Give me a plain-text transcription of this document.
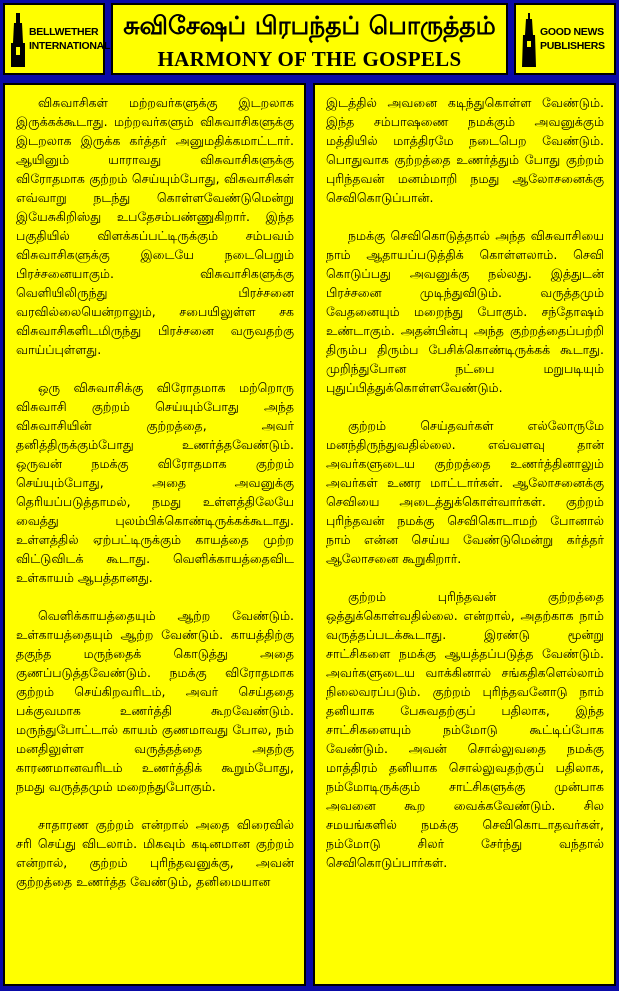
BELLWETHER
INTERNATIONAL
சுவிசேஷப் பிரபந்தப் பொருத்தம்
HARMONY OF THE GOSPELS
GOOD NEWS
PUBLISHERS

விசுவாசிகள் மற்றவர்களுக்கு இடறலாக இருக்கக்கூடாது. மற்றவர்களும் விசுவாசிகளுக்கு இடறலாக இருக்க கர்த்தர் அனுமதிக்கமாட்டார். ஆயினும் யாராவது விசுவாசிகளுக்கு விரோதமாக குற்றம் செய்யும்போது, விசுவாசிகள் எவ்வாறு நடந்து கொள்ளவேண்டுமென்று இயேசுகிறிஸ்து உபதேசம்பண்ணுகிறார். இந்த பகுதியில் விளக்கப்பட்டிருக்கும் சம்பவம் விசுவாசிகளுக்கு இடையே நடைபெறும் பிரச்சனையாகும். விசுவாசிகளுக்கு வெளியிலிருந்து பிரச்சனை வரவில்லையென்றாலும், சபையிலுள்ள சக விசுவாசிகளிடமிருந்து பிரச்சனை வருவதற்கு வாய்ப்புள்ளது.

ஒரு விசுவாசிக்கு விரோதமாக மற்றொரு விசுவாசி குற்றம் செய்யும்போது அந்த விசுவாசியின் குற்றத்தை, அவர் தனித்திருக்கும்போது உணர்த்தவேண்டும். ஒருவன் நமக்கு விரோதமாக குற்றம் செய்யும்போது, அதை அவனுக்கு தெரியப்படுத்தாமல், நமது உள்ளத்திலேயே வைத்து புலம்பிக்கொண்டிருக்கக்கூடாது. உள்ளத்தில் ஏற்பட்டிருக்கும் காயத்தை முற்ற விட்டுவிடக் கூடாது. வெளிக்காயத்தைவிட உள்காயம் ஆபத்தானது.

வெளிக்காயத்தையும் ஆற்ற வேண்டும். உள்காயத்தையும் ஆற்ற வேண்டும். காயத்திற்கு தகுந்த மருந்தைக் கொடுத்து அதை குணப்படுத்தவேண்டும். நமக்கு விரோதமாக குற்றம் செய்கிறவரிடம், அவர் செய்ததை பக்குவமாக உணர்த்தி கூறவேண்டும். மருந்துபோட்டால் காயம் குணமாவது போல, நம் மனதிலுள்ள வருத்தத்தை அதற்கு காரணமானவரிடம் உணர்த்திக் கூறும்போது, நமது வருத்தமும் மறைந்துபோகும்.

சாதாரண குற்றம் என்றால் அதை விரைவில் சரி செய்து விடலாம். மிகவும் கடினமான குற்றம் என்றால், குற்றம் புரிந்தவனுக்கு, அவன் குற்றத்தை உணர்த்த வேண்டும், தனிமையான

இடத்தில் அவனை கடிந்துகொள்ள வேண்டும். இந்த சம்பாஷணை நமக்கும் அவனுக்கும் மத்தியில் மாத்திரமே நடைபெற வேண்டும். பொதுவாக குற்றத்தை உணர்த்தும் போது குற்றம் புரிந்தவன் மனம்மாறி நமது ஆலோசனைக்கு செவிகொடுப்பான்.

நமக்கு செவிகொடுத்தால் அந்த விசுவாசியை நாம் ஆதாயப்படுத்திக் கொள்ளலாம். செவி கொடுப்பது அவனுக்கு நல்லது. இத்துடன் பிரச்சனை முடிந்துவிடும். வருத்தமும் வேதனையும் மறைந்து போகும். சந்தோஷம் உண்டாகும். அதன்பின்பு அந்த குற்றத்தைப்பற்றி திரும்ப திரும்ப பேசிக்கொண்டிருக்கக் கூடாது. முறிந்துபோன நட்பை மறுபடியும் புதுப்பித்துக்கொள்ளவேண்டும்.

குற்றம் செய்தவர்கள் எல்லோருமே மனந்திருந்துவதில்லை. எவ்வளவு தான் அவர்களுடைய குற்றத்தை உணர்த்தினாலும் அவர்கள் உணர மாட்டார்கள். ஆலோசனைக்கு செவியை அடைத்துக்கொள்வார்கள். குற்றம் புரிந்தவன் நமக்கு செவிகொடாமற் போனால் நாம் என்ன செய்ய வேண்டுமென்று கர்த்தர் ஆலோசனை கூறுகிறார்.

குற்றம் புரிந்தவன் குற்றத்தை ஒத்துக்கொள்வதில்லை. என்றால், அதற்காக நாம் வருத்தப்படக்கூடாது. இரண்டு மூன்று சாட்சிகளை நமக்கு ஆயத்தப்படுத்த வேண்டும். அவர்களுடைய வாக்கினால் சங்கதிகளெல்லாம் நிலைவரப்படும். குற்றம் புரிந்தவனோடு நாம் தனியாக பேசுவதற்குப் பதிலாக, இந்த சாட்சிகளையும் நம்மோடு கூட்டிப்போக வேண்டும். அவன் சொல்லுவதை நமக்கு மாத்திரம் தனியாக சொல்லுவதற்குப் பதிலாக, நம்மோடிருக்கும் சாட்சிகளுக்கு முன்பாக அவனை கூற வைக்கவேண்டும். சில சமயங்களில் நமக்கு செவிகொடாதவர்கள், நம்மோடு சிலர் சேர்ந்து வந்தால் செவிகொடுப்பார்கள்.
